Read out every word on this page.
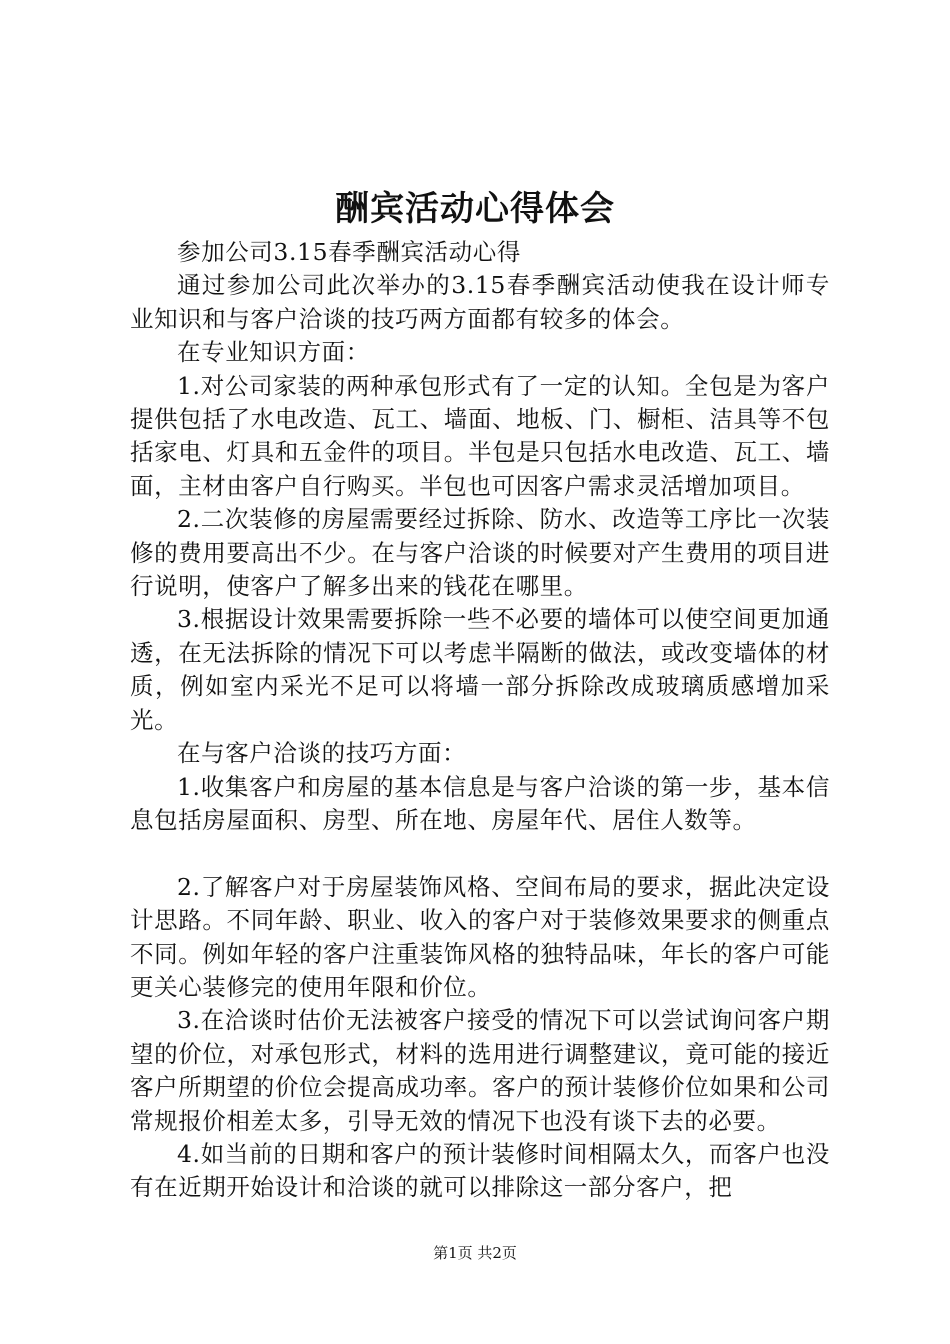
酬宾活动心得体会

参加公司3.15春季酬宾活动心得

通过参加公司此次举办的3.15春季酬宾活动使我在设计师专业知识和与客户洽谈的技巧两方面都有较多的体会。

在专业知识方面：

1.对公司家装的两种承包形式有了一定的认知。全包是为客户提供包括了水电改造、瓦工、墙面、地板、门、橱柜、洁具等不包括家电、灯具和五金件的项目。半包是只包括水电改造、瓦工、墙面，主材由客户自行购买。半包也可因客户需求灵活增加项目。

2.二次装修的房屋需要经过拆除、防水、改造等工序比一次装修的费用要高出不少。在与客户洽谈的时候要对产生费用的项目进行说明，使客户了解多出来的钱花在哪里。

3.根据设计效果需要拆除一些不必要的墙体可以使空间更加通透，在无法拆除的情况下可以考虑半隔断的做法，或改变墙体的材质，例如室内采光不足可以将墙一部分拆除改成玻璃质感增加采光。

在与客户洽谈的技巧方面：

1.收集客户和房屋的基本信息是与客户洽谈的第一步，基本信息包括房屋面积、房型、所在地、房屋年代、居住人数等。

2.了解客户对于房屋装饰风格、空间布局的要求，据此决定设计思路。不同年龄、职业、收入的客户对于装修效果要求的侧重点不同。例如年轻的客户注重装饰风格的独特品味，年长的客户可能更关心装修完的使用年限和价位。

3.在洽谈时估价无法被客户接受的情况下可以尝试询问客户期望的价位，对承包形式，材料的选用进行调整建议，竟可能的接近客户所期望的价位会提高成功率。客户的预计装修价位如果和公司常规报价相差太多，引导无效的情况下也没有谈下去的必要。

4.如当前的日期和客户的预计装修时间相隔太久，而客户也没有在近期开始设计和洽谈的就可以排除这一部分客户，把

第1页 共2页
